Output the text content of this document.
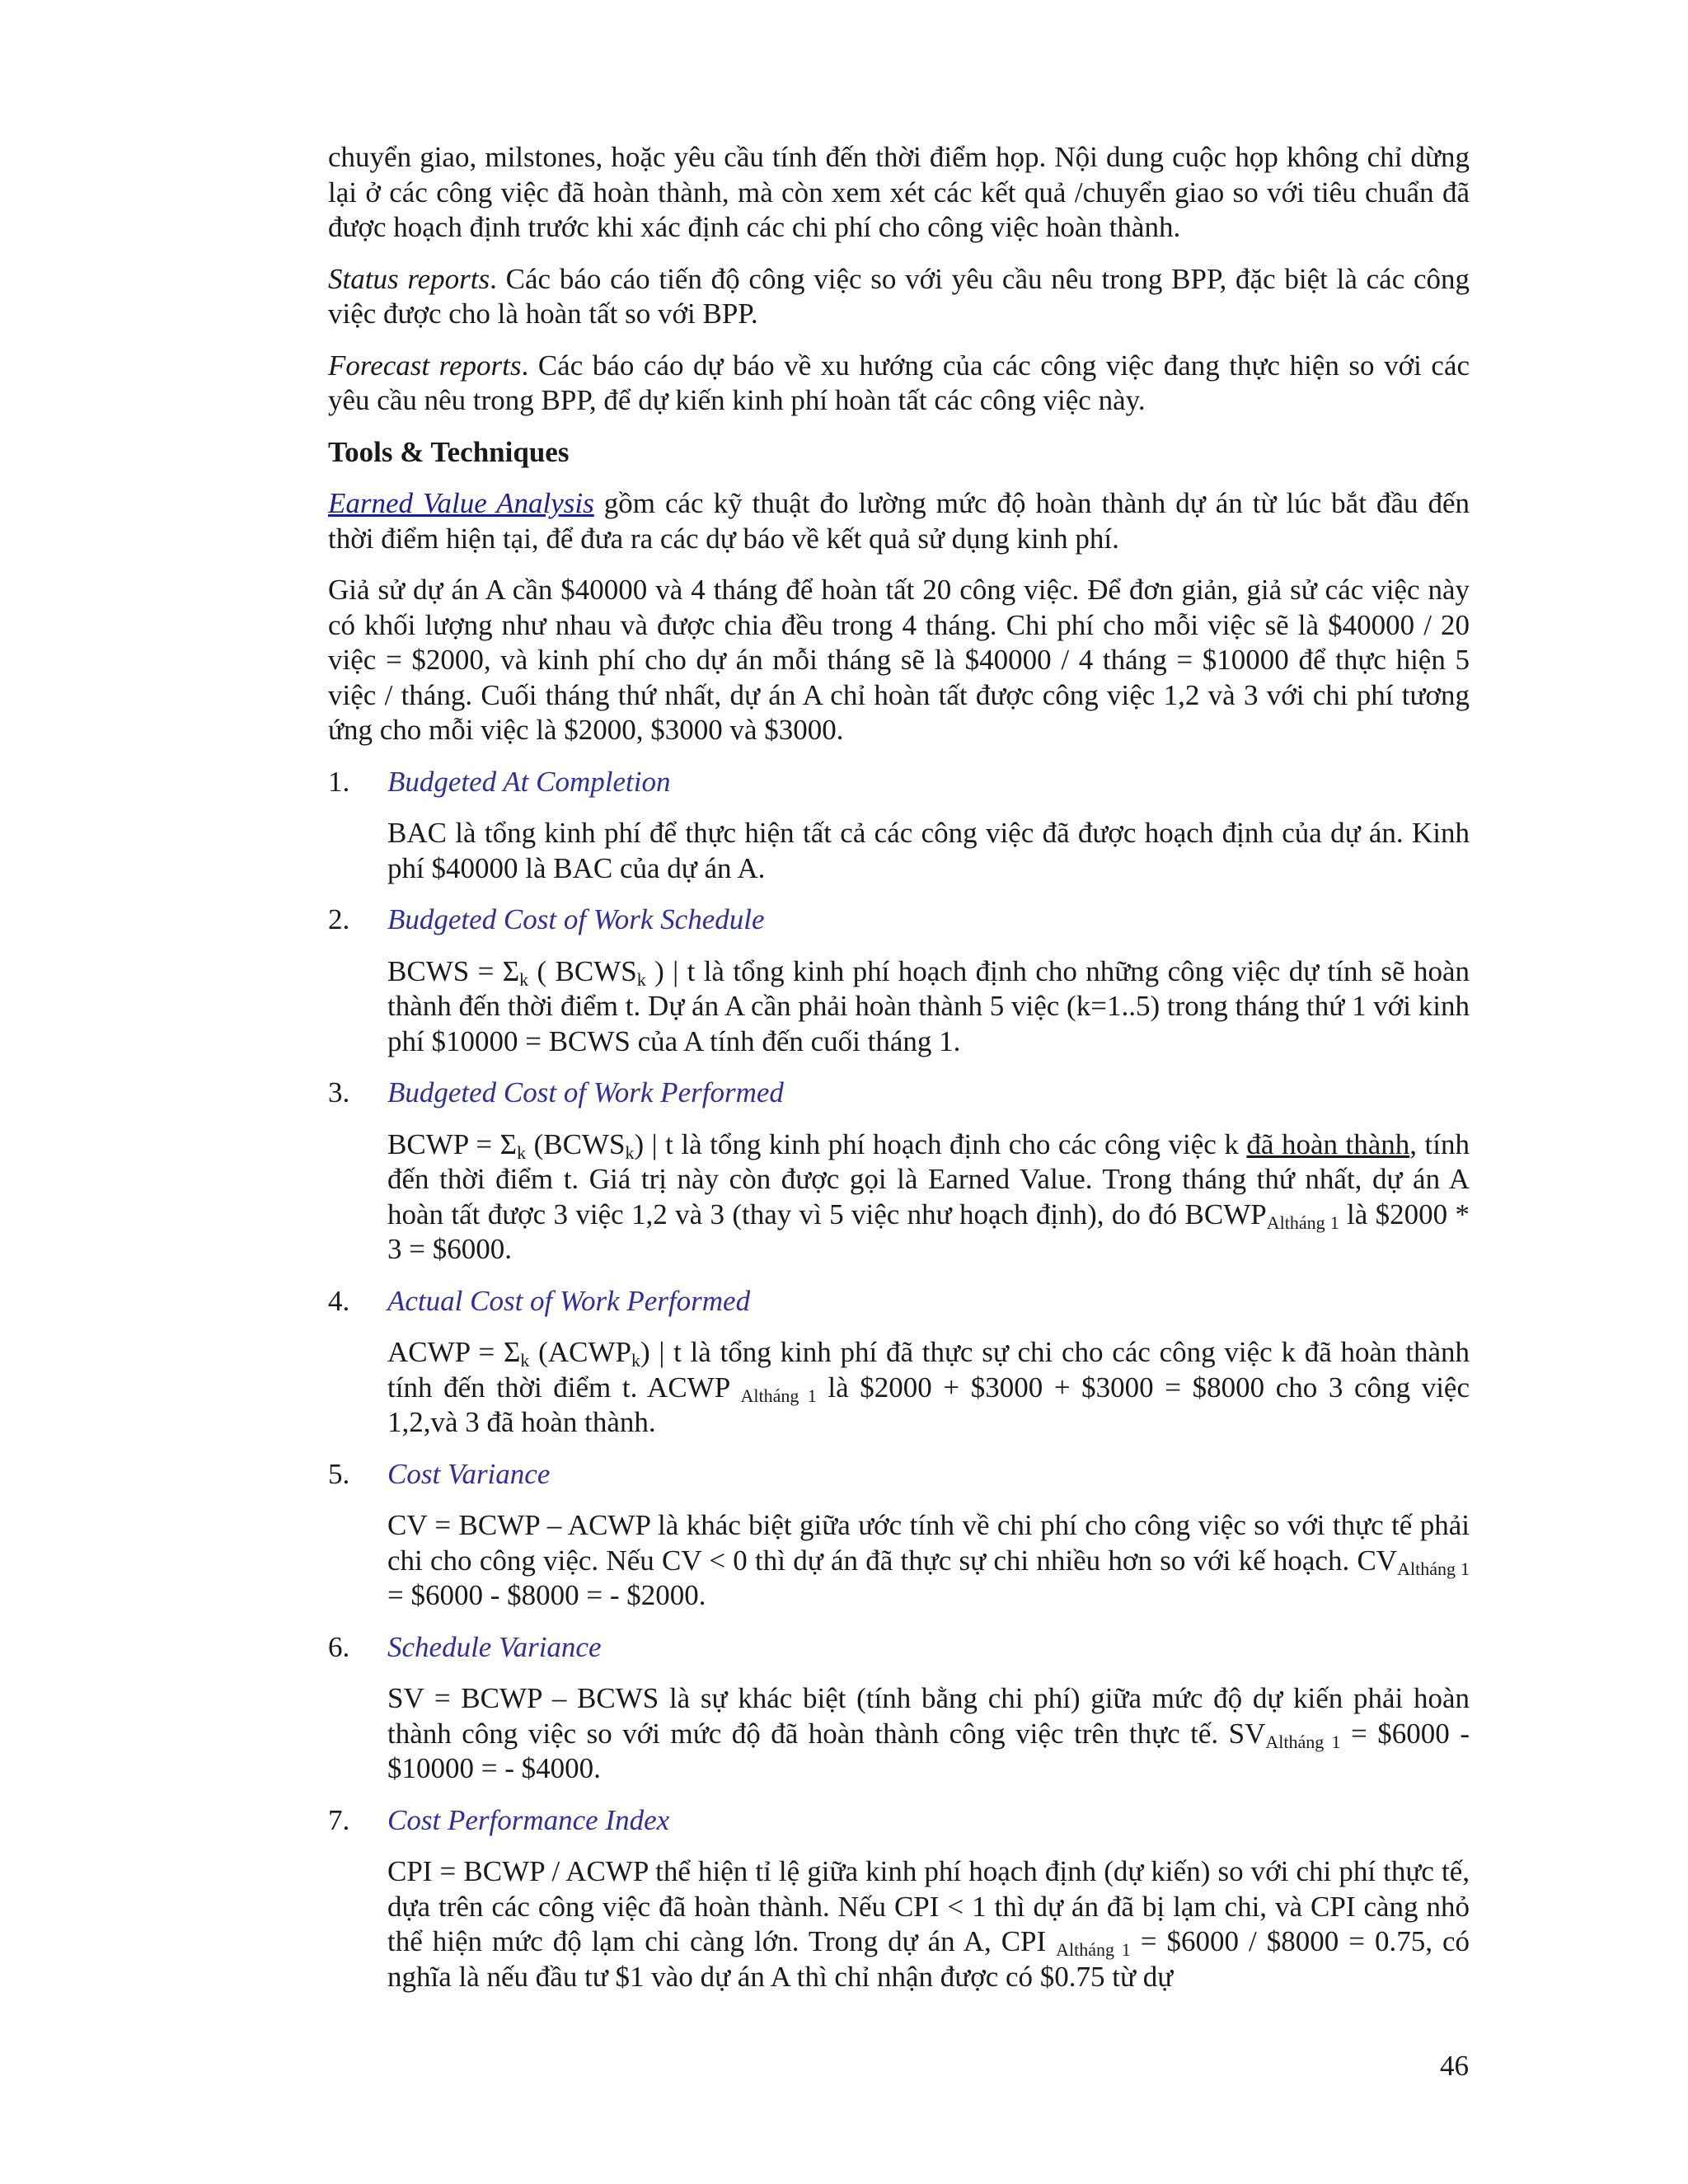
chuyển giao, milstones, hoặc yêu cầu tính đến thời điểm họp. Nội dung cuộc họp không chỉ dừng lại ở các công việc đã hoàn thành, mà còn xem xét các kết quả /chuyển giao so với tiêu chuẩn đã được hoạch định trước khi xác định các chi phí cho công việc hoàn thành.

Status reports. Các báo cáo tiến độ công việc so với yêu cầu nêu trong BPP, đặc biệt là các công việc được cho là hoàn tất so với BPP.

Forecast reports. Các báo cáo dự báo về xu hướng của các công việc đang thực hiện so với các yêu cầu nêu trong BPP, để dự kiến kinh phí hoàn tất các công việc này.

Tools & Techniques

Earned Value Analysis gồm các kỹ thuật đo lường mức độ hoàn thành dự án từ lúc bắt đầu đến thời điểm hiện tại, để đưa ra các dự báo về kết quả sử dụng kinh phí.

Giả sử dự án A cần $40000 và 4 tháng để hoàn tất 20 công việc. Để đơn giản, giả sử các việc này có khối lượng như nhau và được chia đều trong 4 tháng. Chi phí cho mỗi việc sẽ là $40000 / 20 việc = $2000, và kinh phí cho dự án mỗi tháng sẽ là $40000 / 4 tháng = $10000 để thực hiện 5 việc / tháng. Cuối tháng thứ nhất, dự án A chỉ hoàn tất được công việc 1,2 và 3 với chi phí tương ứng cho mỗi việc là $2000, $3000 và $3000.

1.	Budgeted At Completion

BAC là tổng kinh phí để thực hiện tất cả các công việc đã được hoạch định của dự án. Kinh phí $40000 là BAC của dự án A.

2.	Budgeted Cost of Work Schedule

BCWS = $\Sigma_k$ ( $BCWS_k$ ) | t là tổng kinh phí hoạch định cho những công việc dự tính sẽ hoàn thành đến thời điểm t. Dự án A cần phải hoàn thành 5 việc (k=1..5) trong tháng thứ 1 với kinh phí $10000 = BCWS của A tính đến cuối tháng 1.

3.	Budgeted Cost of Work Performed

BCWP = $\Sigma_k$ $(BCWS_k)$ | t là tổng kinh phí hoạch định cho các công việc k đã hoàn thành, tính đến thời điểm t. Giá trị này còn được gọi là Earned Value. Trong tháng thứ nhất, dự án A hoàn tất được 3 việc 1,2 và 3 (thay vì 5 việc như hoạch định), do đó $BCWP_{Altháng 1}$ là $2000 * 3 = $6000.

4.	Actual Cost of Work Performed

ACWP = $\Sigma_k$ $(ACWP_k)$ | t là tổng kinh phí đã thực sự chi cho các công việc k đã hoàn thành tính đến thời điểm t. ACWP $_{Altháng 1}$ là $2000 + $3000 + $3000 = $8000 cho 3 công việc 1,2,và 3 đã hoàn thành.

5.	Cost Variance

CV = BCWP – ACWP là khác biệt giữa ước tính về chi phí cho công việc so với thực tế phải chi cho công việc. Nếu CV < 0 thì dự án đã thực sự chi nhiều hơn so với kế hoạch. $CV_{Altháng 1}$ = $6000 - $8000 = - $2000.

6.	Schedule Variance

SV = BCWP – BCWS là sự khác biệt (tính bằng chi phí) giữa mức độ dự kiến phải hoàn thành công việc so với mức độ đã hoàn thành công việc trên thực tế. $SV_{Altháng 1}$ = $6000 - $10000 = - $4000.

7.	Cost Performance Index

CPI = BCWP / ACWP thể hiện tỉ lệ giữa kinh phí hoạch định (dự kiến) so với chi phí thực tế, dựa trên các công việc đã hoàn thành. Nếu CPI < 1 thì dự án đã bị lạm chi, và CPI càng nhỏ thể hiện mức độ lạm chi càng lớn. Trong dự án A, CPI $_{Altháng 1}$ = $6000 / $8000 = 0.75, có nghĩa là nếu đầu tư $1 vào dự án A thì chỉ nhận được có $0.75 từ dự

46
